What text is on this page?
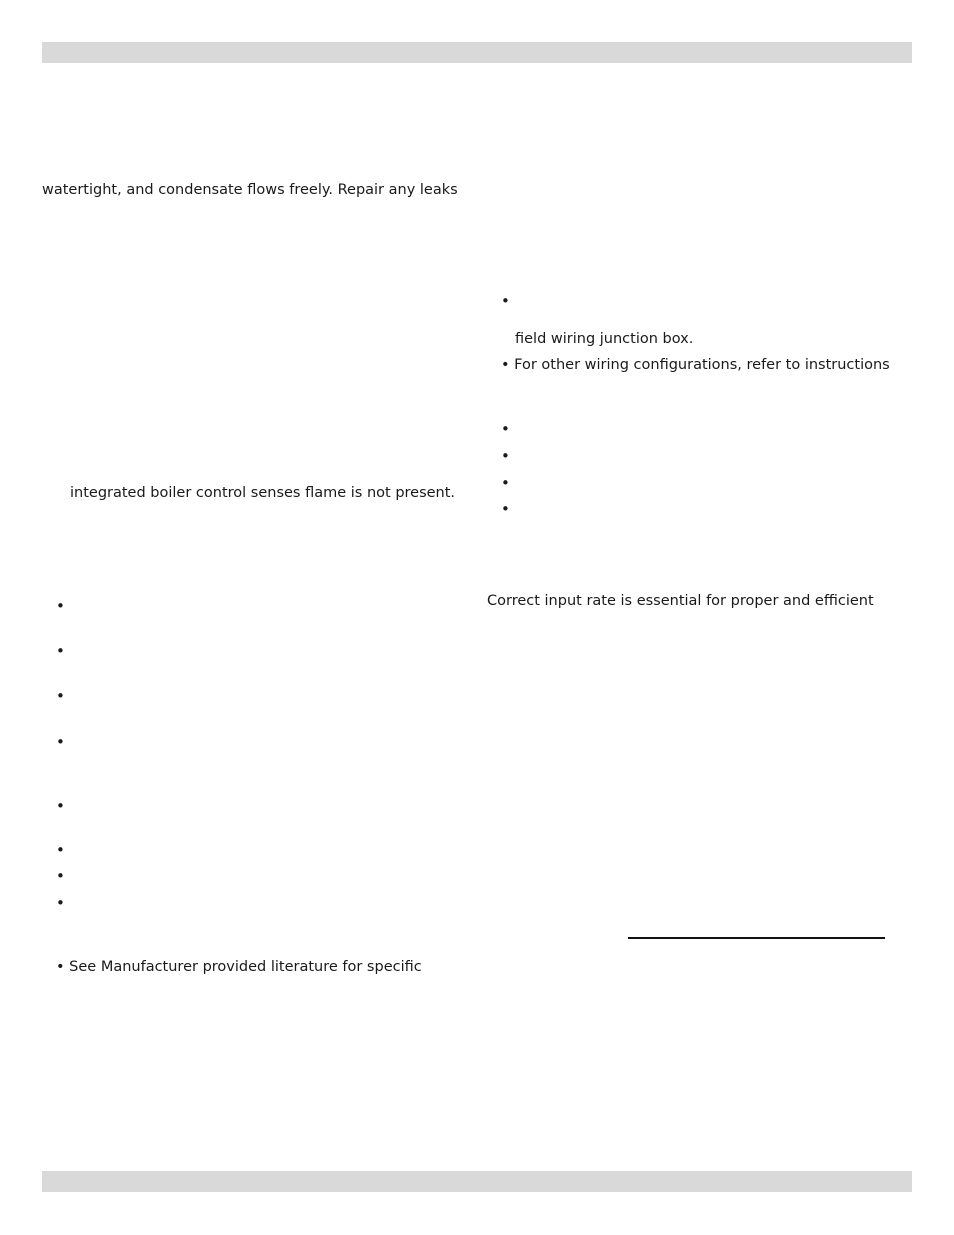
watertight, and condensate flows freely. Repair any leaks
integrated boiler control senses flame is not present.
•
•
•
•
•
•
•
•
• See Manufacturer provided literature for specific
•
field wiring junction box.
• For other wiring configurations, refer to instructions
•
•
•
•
Correct input rate is essential for proper and efficient
